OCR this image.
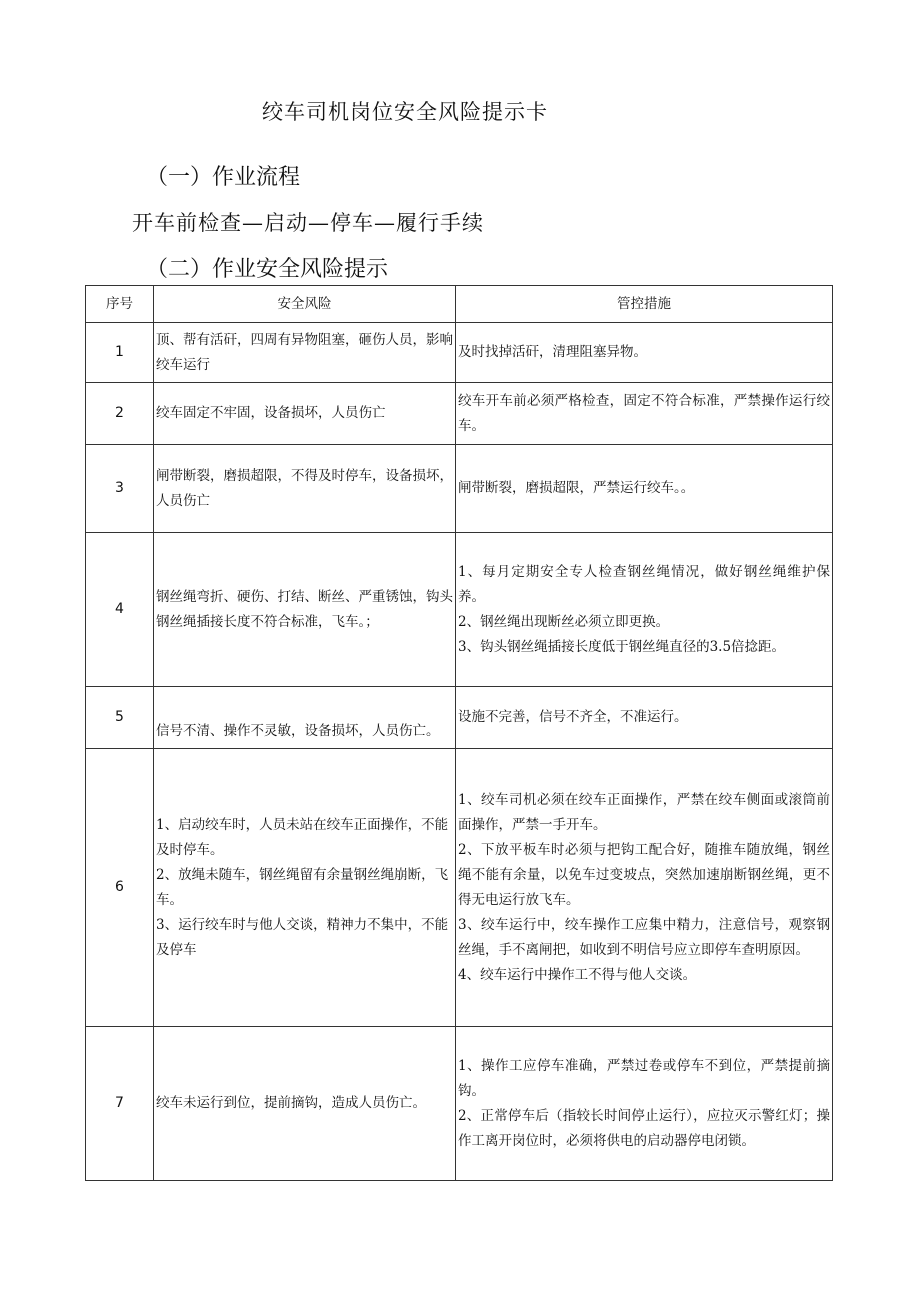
绞车司机岗位安全风险提示卡
（一）作业流程
开车前检查—启动—停车—履行手续
（二）作业安全风险提示
序号	安全风险	管控措施
1	顶、帮有活矸，四周有异物阻塞，砸伤人员，影响绞车运行	及时找掉活矸，清理阻塞异物。

2	绞车固定不牢固，设备损坏，人员伤亡	绞车开车前必须严格检查，固定不符合标准，严禁操作运行绞车。

3	闸带断裂，磨损超限，不得及时停车，设备损坏，人员伤亡	闸带断裂，磨损超限，严禁运行绞车。。

4	钢丝绳弯折、硬伤、打结、断丝、严重锈蚀，钩头钢丝绳插接长度不符合标准，飞车。；	1、每月定期安全专人检查钢丝绳情况，做好钢丝绳维护保养。
2、钢丝绳出现断丝必须立即更换。
3、钩头钢丝绳插接长度低于钢丝绳直径的3.5倍捻距。

5	信号不清、操作不灵敏，设备损坏，人员伤亡。	设施不完善，信号不齐全，不准运行。

6	1、启动绞车时，人员未站在绞车正面操作，不能及时停车。
2、放绳未随车，钢丝绳留有余量钢丝绳崩断，飞车。
3、运行绞车时与他人交谈，精神力不集中，不能及停车	1、绞车司机必须在绞车正面操作，严禁在绞车侧面或滚筒前面操作，严禁一手开车。
2、下放平板车时必须与把钩工配合好，随推车随放绳，钢丝绳不能有余量，以免车过变坡点，突然加速崩断钢丝绳，更不得无电运行放飞车。
3、绞车运行中，绞车操作工应集中精力，注意信号，观察钢丝绳，手不离闸把，如收到不明信号应立即停车查明原因。
4、绞车运行中操作工不得与他人交谈。

7	绞车未运行到位，提前摘钩，造成人员伤亡。	1、操作工应停车准确，严禁过卷或停车不到位，严禁提前摘钩。
2、正常停车后（指较长时间停止运行），应拉灭示警红灯；操作工离开岗位时，必须将供电的启动器停电闭锁。
